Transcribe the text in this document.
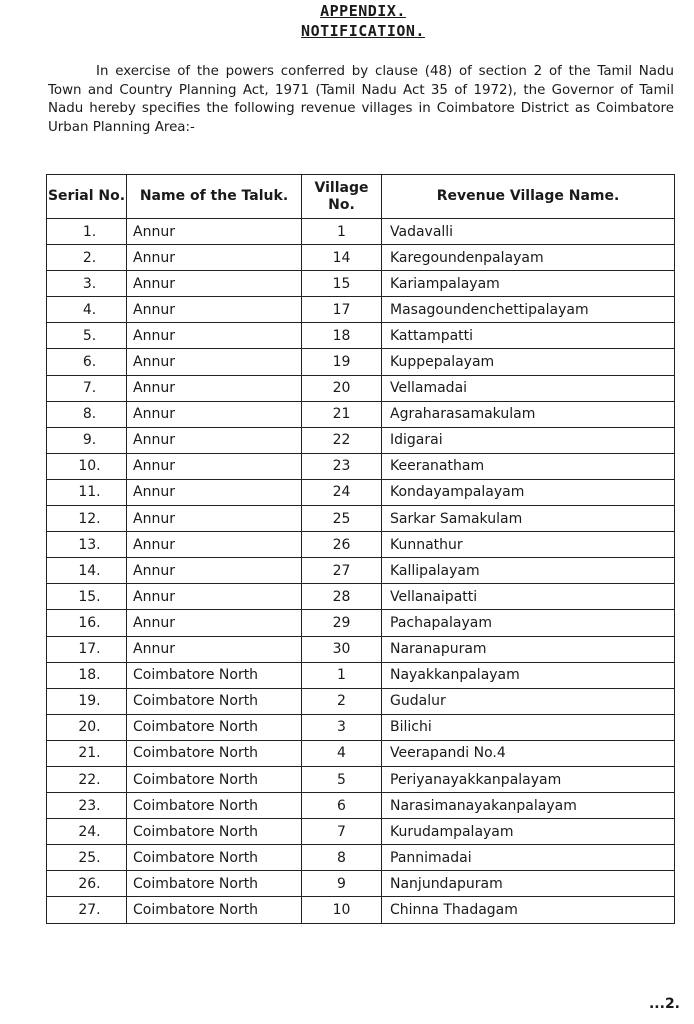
APPENDIX.
NOTIFICATION.
In exercise of the powers conferred by clause (48) of section 2 of the Tamil Nadu Town and Country Planning Act, 1971 (Tamil Nadu Act 35 of 1972), the Governor of Tamil Nadu hereby specifies the following revenue villages in Coimbatore District as Coimbatore Urban Planning Area:-
Serial No.	Name of the Taluk.	Village No.	Revenue Village Name.
1.	Annur	1	Vadavalli
2.	Annur	14	Karegoundenpalayam
3.	Annur	15	Kariampalayam
4.	Annur	17	Masagoundenchettipalayam
5.	Annur	18	Kattampatti
6.	Annur	19	Kuppepalayam
7.	Annur	20	Vellamadai
8.	Annur	21	Agraharasamakulam
9.	Annur	22	Idigarai
10.	Annur	23	Keeranatham
11.	Annur	24	Kondayampalayam
12.	Annur	25	Sarkar Samakulam
13.	Annur	26	Kunnathur
14.	Annur	27	Kallipalayam
15.	Annur	28	Vellanaipatti
16.	Annur	29	Pachapalayam
17.	Annur	30	Naranapuram
18.	Coimbatore North	1	Nayakkanpalayam
19.	Coimbatore North	2	Gudalur
20.	Coimbatore North	3	Bilichi
21.	Coimbatore North	4	Veerapandi No.4
22.	Coimbatore North	5	Periyanayakkanpalayam
23.	Coimbatore North	6	Narasimanayakanpalayam
24.	Coimbatore North	7	Kurudampalayam
25.	Coimbatore North	8	Pannimadai
26.	Coimbatore North	9	Nanjundapuram
27.	Coimbatore North	10	Chinna Thadagam
...2.
